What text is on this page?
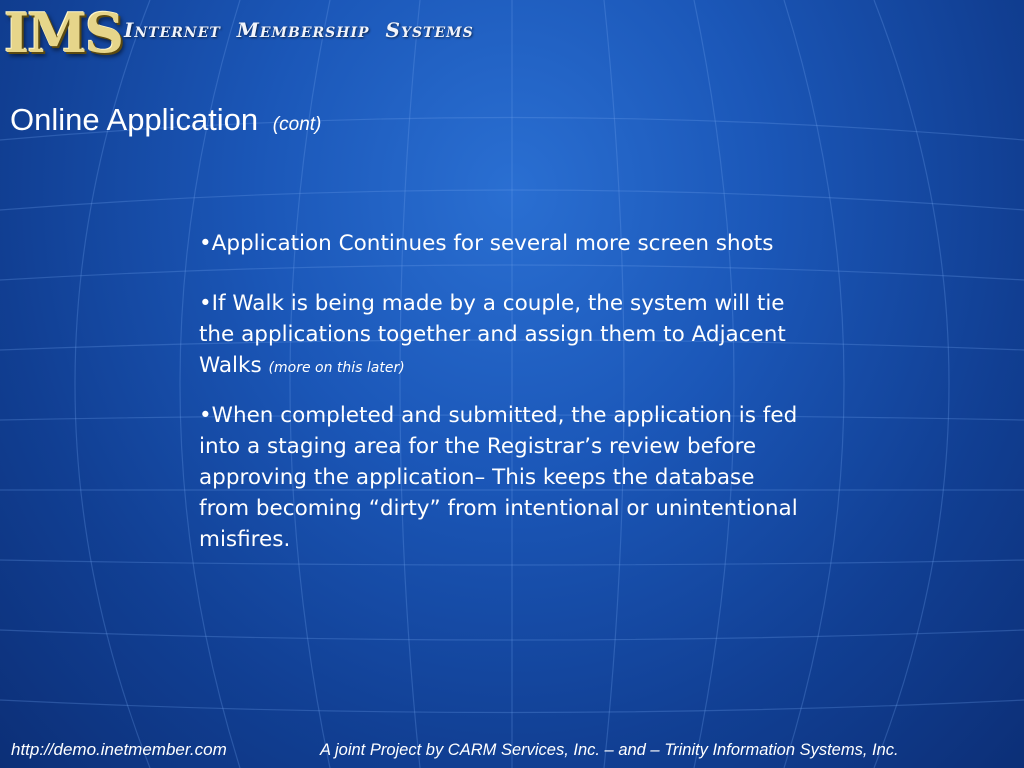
IMS Internet  Membership  Systems
Online Application (cont)

•Application Continues for several more screen shots

•If Walk is being made by a couple, the system will tie the applications together and assign them to Adjacent Walks (more on this later)

•When completed and submitted, the application is fed into a staging area for the Registrar’s review before approving the application– This keeps the database from becoming “dirty” from intentional or unintentional misfires.

http://demo.inetmember.com	A joint Project by CARM Services, Inc. – and – Trinity Information Systems, Inc.
